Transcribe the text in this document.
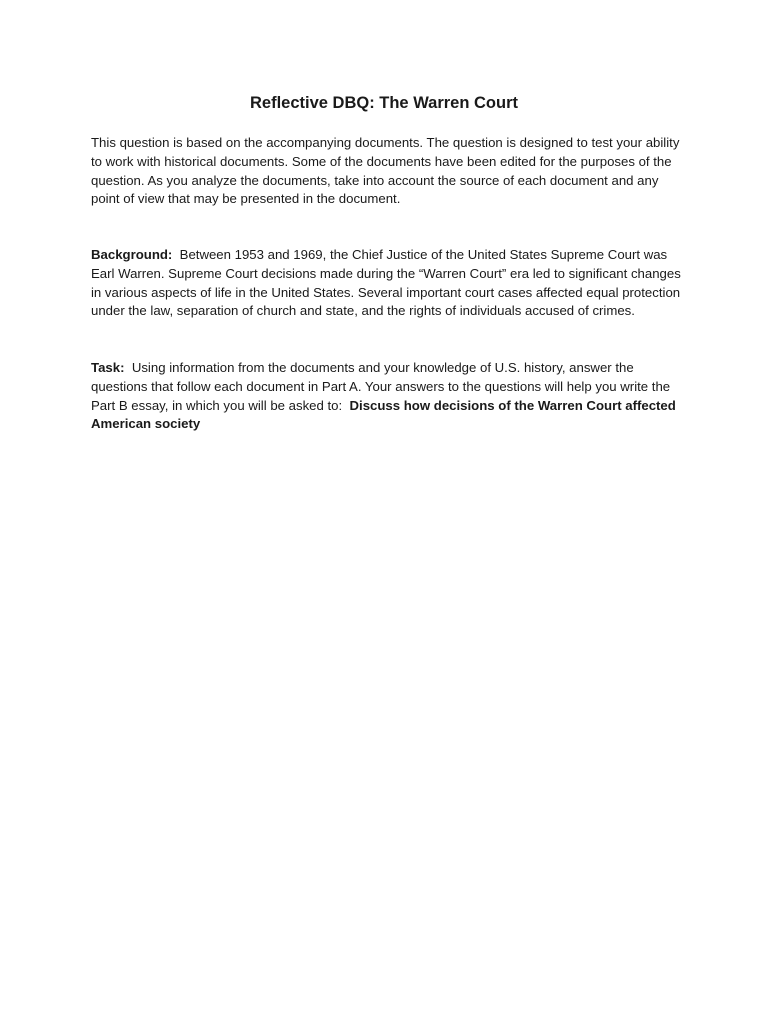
Reflective DBQ: The Warren Court

This question is based on the accompanying documents. The question is designed to test your ability to work with historical documents. Some of the documents have been edited for the purposes of the question. As you analyze the documents, take into account the source of each document and any point of view that may be presented in the document.

Background: Between 1953 and 1969, the Chief Justice of the United States Supreme Court was Earl Warren. Supreme Court decisions made during the “Warren Court” era led to significant changes in various aspects of life in the United States. Several important court cases affected equal protection under the law, separation of church and state, and the rights of individuals accused of crimes.

Task: Using information from the documents and your knowledge of U.S. history, answer the questions that follow each document in Part A. Your answers to the questions will help you write the Part B essay, in which you will be asked to: Discuss how decisions of the Warren Court affected American society
